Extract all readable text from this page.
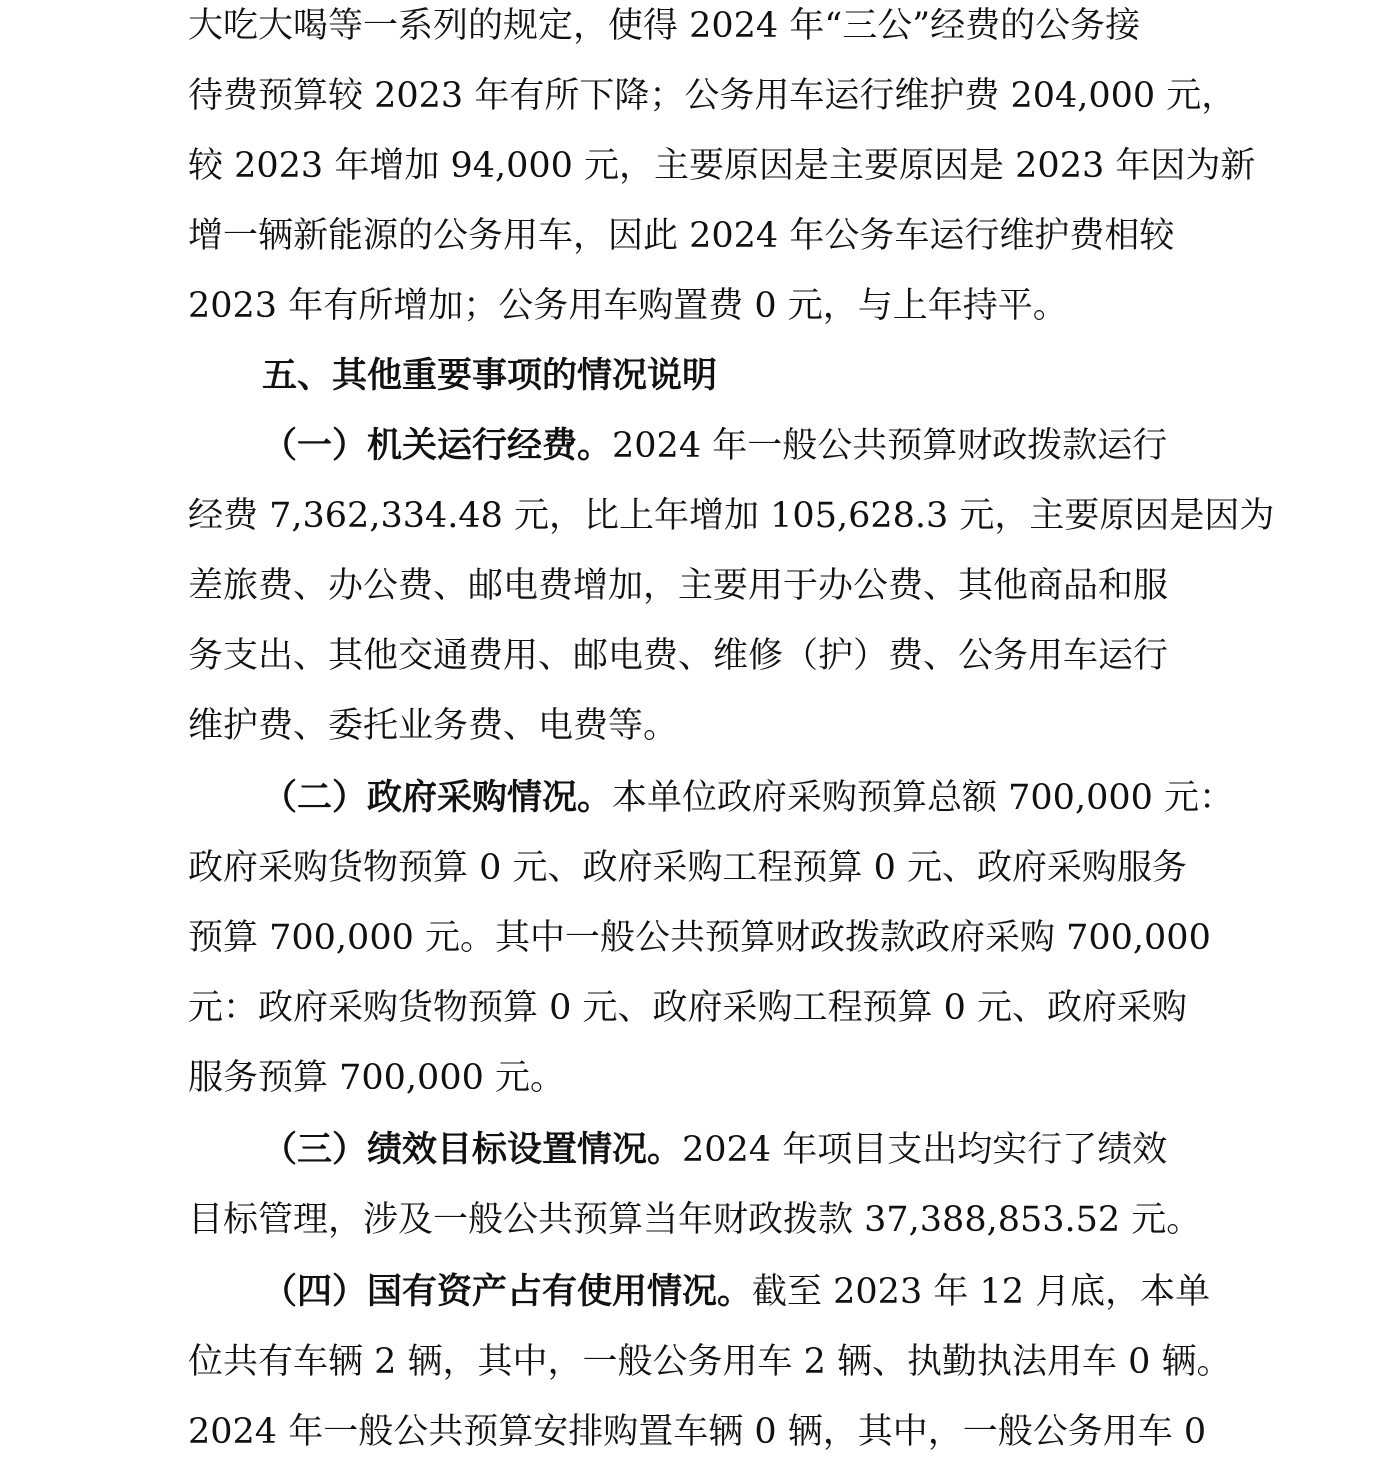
大吃大喝等一系列的规定，使得 2024 年“三公”经费的公务接
待费预算较 2023 年有所下降；公务用车运行维护费 204,000 元，
较 2023 年增加 94,000 元，主要原因是主要原因是 2023 年因为新
增一辆新能源的公务用车，因此 2024 年公务车运行维护费相较
2023 年有所增加；公务用车购置费 0 元，与上年持平。
五、其他重要事项的情况说明
（一）机关运行经费。2024 年一般公共预算财政拨款运行
经费 7,362,334.48 元，比上年增加 105,628.3 元，主要原因是因为
差旅费、办公费、邮电费增加，主要用于办公费、其他商品和服
务支出、其他交通费用、邮电费、维修（护）费、公务用车运行
维护费、委托业务费、电费等。
（二）政府采购情况。本单位政府采购预算总额 700,000 元：
政府采购货物预算 0 元、政府采购工程预算 0 元、政府采购服务
预算 700,000 元。其中一般公共预算财政拨款政府采购 700,000
元：政府采购货物预算 0 元、政府采购工程预算 0 元、政府采购
服务预算 700,000 元。
（三）绩效目标设置情况。2024 年项目支出均实行了绩效
目标管理，涉及一般公共预算当年财政拨款 37,388,853.52 元。
（四）国有资产占有使用情况。截至 2023 年 12 月底，本单
位共有车辆 2 辆，其中，一般公务用车 2 辆、执勤执法用车 0 辆。
2024 年一般公共预算安排购置车辆 0 辆，其中，一般公务用车 0
